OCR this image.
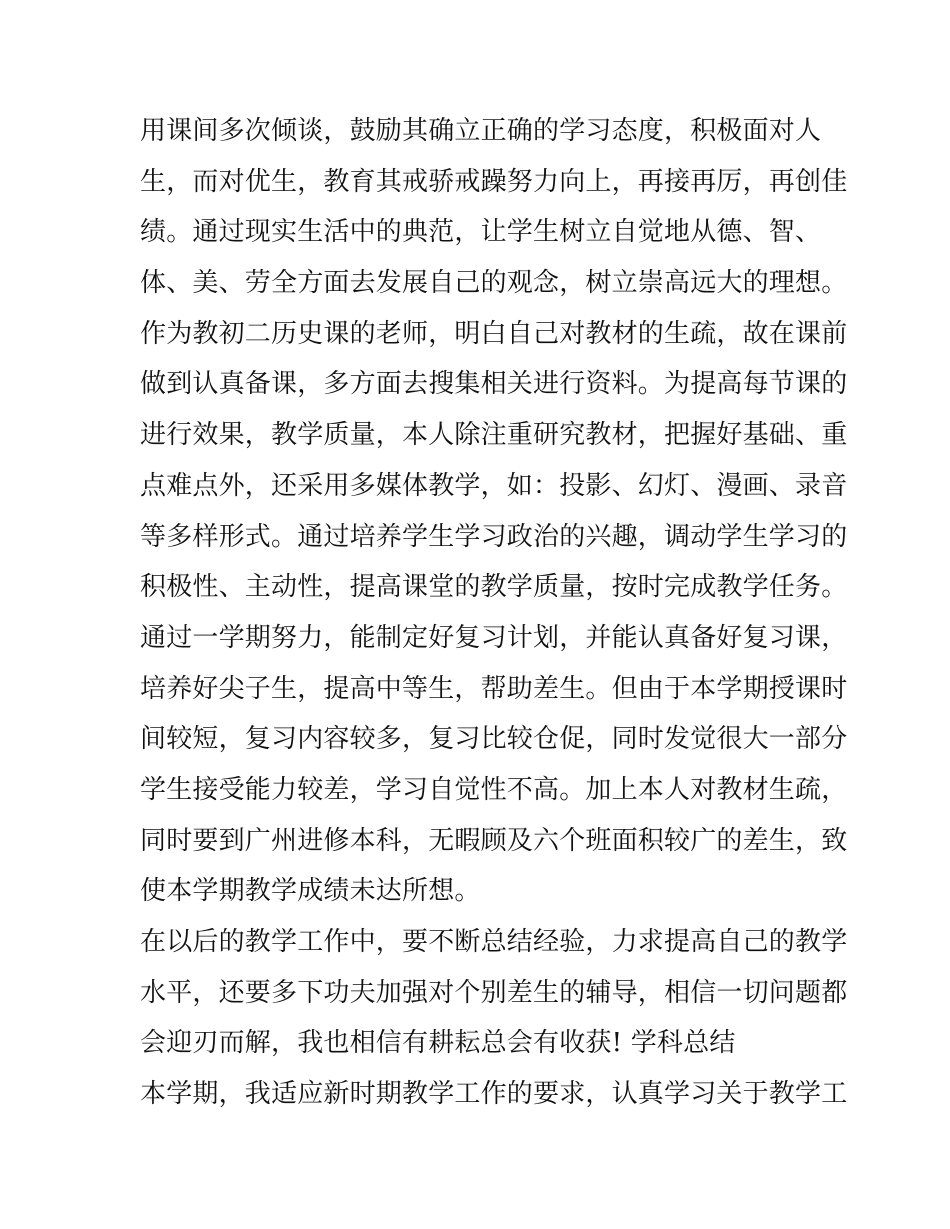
用课间多次倾谈，鼓励其确立正确的学习态度，积极面对人
生，而对优生，教育其戒骄戒躁努力向上，再接再厉，再创佳
绩。通过现实生活中的典范，让学生树立自觉地从德、智、
体、美、劳全方面去发展自己的观念，树立崇高远大的理想。
作为教初二历史课的老师，明白自己对教材的生疏，故在课前
做到认真备课，多方面去搜集相关进行资料。为提高每节课的
进行效果，教学质量，本人除注重研究教材，把握好基础、重
点难点外，还采用多媒体教学，如：投影、幻灯、漫画、录音
等多样形式。通过培养学生学习政治的兴趣，调动学生学习的
积极性、主动性，提高课堂的教学质量，按时完成教学任务。
通过一学期努力，能制定好复习计划，并能认真备好复习课，
培养好尖子生，提高中等生，帮助差生。但由于本学期授课时
间较短，复习内容较多，复习比较仓促，同时发觉很大一部分
学生接受能力较差，学习自觉性不高。加上本人对教材生疏，
同时要到广州进修本科，无暇顾及六个班面积较广的差生，致
使本学期教学成绩未达所想。
在以后的教学工作中，要不断总结经验，力求提高自己的教学
水平，还要多下功夫加强对个别差生的辅导，相信一切问题都
会迎刃而解，我也相信有耕耘总会有收获! 学科总结
本学期，我适应新时期教学工作的要求，认真学习关于教学工
